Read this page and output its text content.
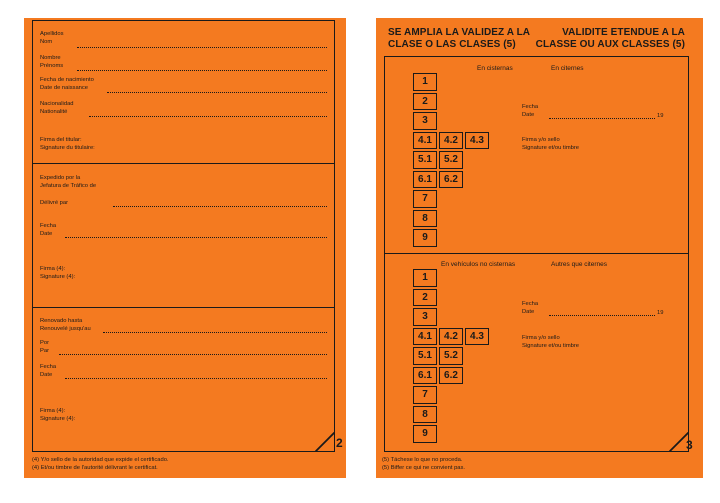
Apellidos
Nom
Nombre
Prénoms
Fecha de nacimiento
Date de naissance
Nacionalidad
Nationalité
Firma del titular:
Signature du titulaire:
Expedido por la
Jefatura de Tráfico de
Délivré par
Fecha
Date
Firma (4):
Signature (4):
Renovado hasta
Renouvelé jusqu'au
Por
Par
Fecha
Date
Firma (4):
Signature (4):
2
(4) Y/o sello de la autoridad que expide el certificado.
(4) Et/ou timbre de l'autorité délivrant le certificat.
SE AMPLIA LA VALIDEZ A LA
CLASE O LAS CLASES (5)
VALIDITE ETENDUE A LA
CLASSE OU AUX CLASSES (5)
En cisternas	En citernes
1
2
3
4.1	4.2	4.3
5.1	5.2
6.1	6.2
7
8
9
Fecha
Date	19
Firma y/o sello
Signature et/ou timbre
En vehículos no cisternas	Autres que citernes
1
2
3
4.1	4.2	4.3
5.1	5.2
6.1	6.2
7
8
9
Fecha
Date	19
Firma y/o sello
Signature et/ou timbre
3
(5) Táchese lo que no proceda.
(5) Biffer ce qui ne convient pas.
